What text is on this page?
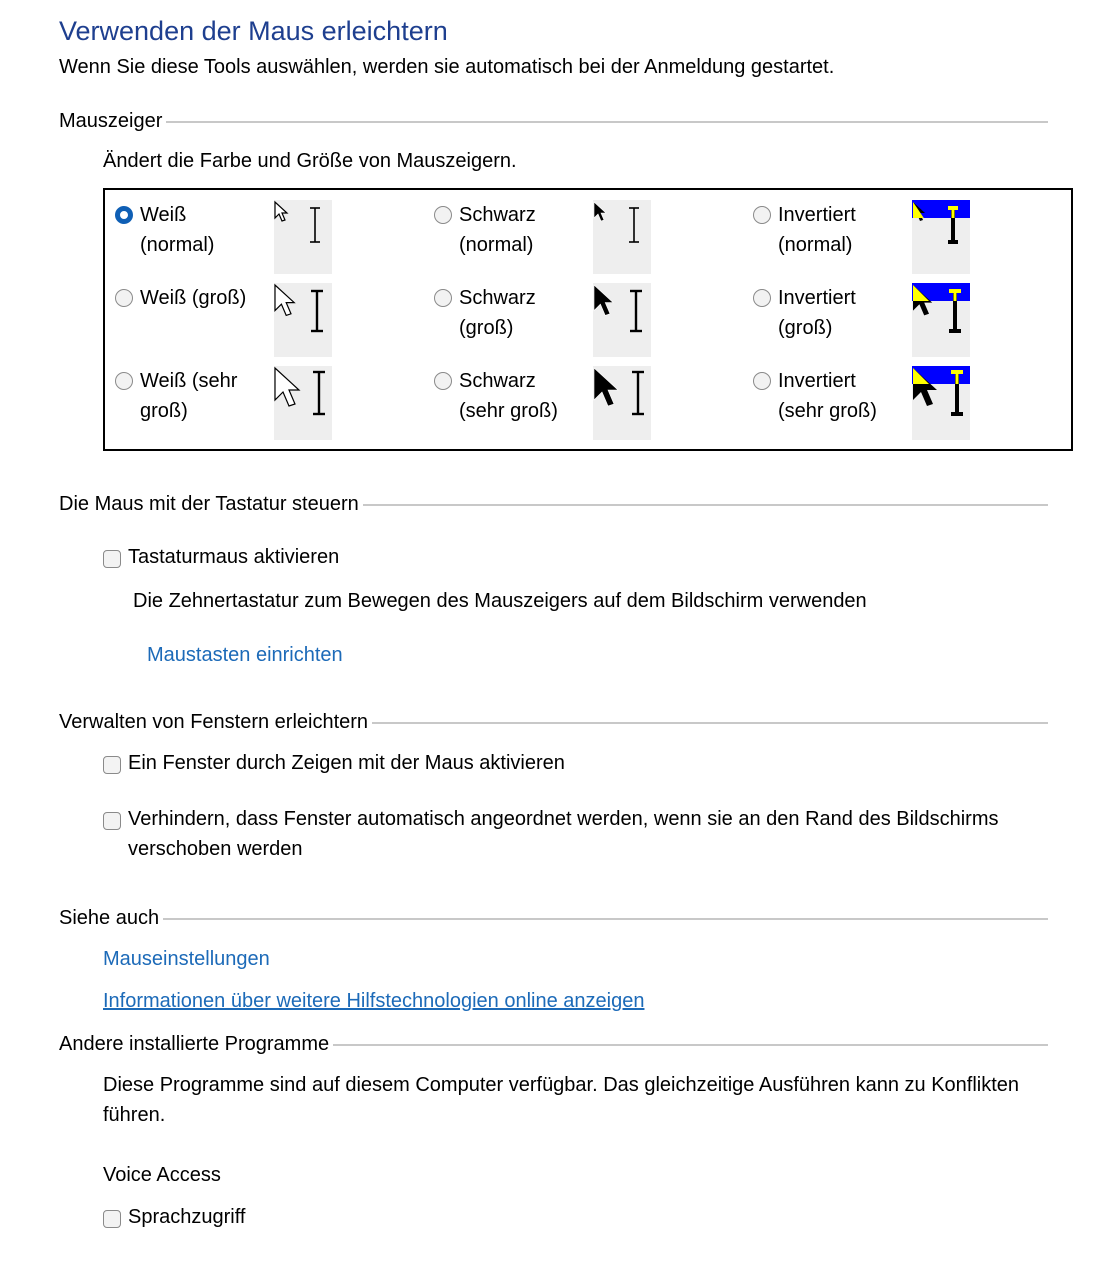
Verwenden der Maus erleichtern
Wenn Sie diese Tools auswählen, werden sie automatisch bei der Anmeldung gestartet.
Mauszeiger
Ändert die Farbe und Größe von Mauszeigern.
Weiß (normal)
Schwarz (normal)
Invertiert (normal)
Weiß (groß)	Schwarz (groß)
Invertiert (groß)
Weiß (sehr groß)
Schwarz (sehr groß)
Invertiert (sehr groß)
Die Maus mit der Tastatur steuern
Tastaturmaus aktivieren
Die Zehnertastatur zum Bewegen des Mauszeigers auf dem Bildschirm verwenden
Maustasten einrichten
Verwalten von Fenstern erleichtern
Ein Fenster durch Zeigen mit der Maus aktivieren
Verhindern, dass Fenster automatisch angeordnet werden, wenn sie an den Rand des Bildschirms
verschoben werden
Siehe auch
Mauseinstellungen
Informationen über weitere Hilfstechnologien online anzeigen
Andere installierte Programme
Diese Programme sind auf diesem Computer verfügbar. Das gleichzeitige Ausführen kann zu Konflikten
führen.
Voice Access
Sprachzugriff
